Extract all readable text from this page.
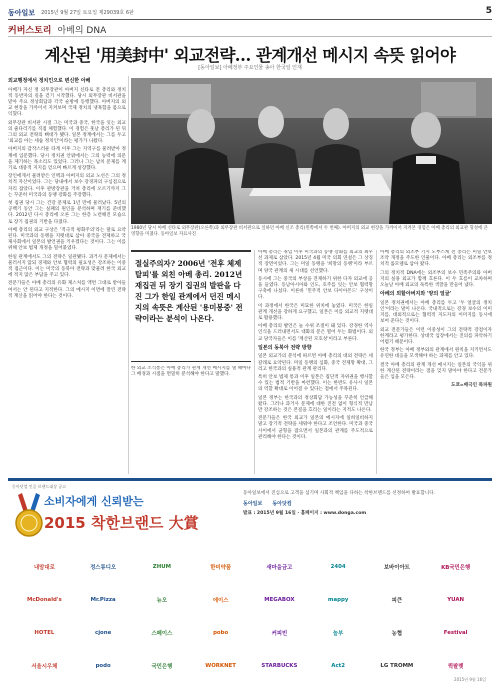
동아일보 2015년 9월 27일 토요일 제29039호 6판	5
커버스토리 아베의 DNA
계산된 '用美封中' 외교전략… 관계개선 메시지 속뜻 읽어야
[동아일보] 아베정부 주요인물 송아 한국일 인재
외교행정에서 정치인으로 변신한 아베

아베가 자신 정 외무장관이 아버지 신타로 전 총리와 정치적 동반자의 길을 걷기 시작했다. 당시 외무장관 비서관을 맡아 주요 정상회담과 각국 순방에 동행했다. 아버지의 외교 현장을 가까이서 지켜보며 국제 정치의 냉혹함을 몸으로 익혔다.

외무장관 비서관 시절 그는 미국과 중국, 한국을 잇는 외교의 줄다리기를 직접 체험했다. 이 경험은 훗날 총리가 된 뒤 그의 외교 전략의 뼈대가 됐다. 일본 정계에서는 그를 두고 '외교를 아는 세습 정치인'이라는 평가가 나왔다.

아버지의 갑작스러운 타계 이후 그는 지역구를 물려받아 정계에 입문했다. 당시 정치권 안팎에서는 그의 능력에 의문을 제기하는 목소리도 있었다. 그러나 그는 납치 문제를 계기로 대중적 지지를 얻으며 빠르게 성장했다.

장인에게서 물려받은 인맥과 아버지의 외교 노선은 그의 정치적 자산이었다. 그는 당내에서 보수 강경파의 구심점으로 자리 잡았다. 이후 관방장관을 거쳐 총리에 오르기까지 그는 꾸준히 미국과의 동맹 강화를 주장했다.

첫 집권 당시 그는 건강 문제로 1년 만에 물러났다. 5년의 공백기 동안 그는 실패의 원인을 분석하며 재기를 준비했다. 2012년 다시 총리에 오른 그는 한층 노련해진 모습으로 장기 집권의 기반을 다졌다.

아베 총리의 외교 구상은 '적극적 평화주의'라는 말로 요약된다. 미국과의 동맹을 지렛대로 삼아 중국을 견제하고 국제사회에서 일본의 발언권을 키우겠다는 것이다. 그는 이를 위해 안보 법제 개정을 밀어붙였다.

한일 관계에서도 그의 전략은 일관됐다. 과거사 문제에서는 물러서지 않되 경제와 안보 협력의 필요성은 강조하는 이중적 접근이다. 이는 미국의 동북아 전략과 맞물려 한국 외교에 적지 않은 부담을 주고 있다.

전문가들은 아베 총리의 유화 제스처를 액면 그대로 받아들여서는 안 된다고 지적한다. 그의 메시지 이면에 깔린 전략적 계산을 읽어야 한다는 것이다.

1980년 당시 아베 신타로 외무장관(오른쪽)과 외무장관 비서관으로 일하던 아베 신조 총리(왼쪽에서 두 번째). 아버지의 외교 현장을 가까이서 지켜본 경험은 아베 총리의 외교관 형성에 큰 영향을 미쳤다. 동아일보 자료사진
절실주의자? 2006년 '전후 체제 탈피'를 외친 아베 총리. 2012년 재집권 뒤 장기 집권의 발판을 다진 그가 한일 관계에서 던진 메시지의 속뜻은 계산된 '용미봉중' 전략이라는 분석이 나온다.

한 외교 소식통은 아베 총리가 관계 개선 메시지를 낼 때마다 그 배경과 시점을 면밀히 분석해야 한다고 말했다.

아베 총리는 취임 이후 미국과의 동맹 강화를 외교의 최우선 과제로 삼았다. 2015년 4월 미국 의회 연설은 그 상징적 장면이었다. 그는 미일 동맹을 '희망의 동맹'이라 부르며 양국 관계의 새 시대를 선언했다.

동시에 그는 중국의 부상을 견제하기 위한 다자 외교에 공을 들였다. 동남아시아와 인도, 호주를 잇는 안보 협력망 구축에 나섰다. 이른바 '민주적 안보 다이아몬드' 구상이다.

이 과정에서 한국은 미묘한 위치에 놓였다. 미국은 한일 관계 개선을 강하게 요구했고, 일본은 이를 외교적 지렛대로 활용했다.

아베 총리의 발언은 늘 수위 조절이 돼 있다. 강경한 역사 인식을 드러내면서도 대화의 문은 열어 두는 화법이다. 외교 당국자들은 이를 '계산된 모호성'이라고 부른다.

일본의 동북아 전략 방향

일본 외교가의 분석에 따르면 아베 총리의 대외 전략은 세 갈래로 요약된다. 미일 동맹의 심화, 중국 견제망 확대, 그리고 한국과의 실용적 관계 관리다.

특히 안보 법제 통과 이후 일본은 집단적 자위권을 행사할 수 있는 법적 기반을 마련했다. 이는 한반도 유사시 일본의 역할 확대로 이어질 수 있다는 점에서 주목된다.

일본 정부는 한국과의 정상회담 가능성을 꾸준히 언급해 왔다. 그러나 과거사 문제에 대한 진전 없이 형식적 만남만 강조하는 것은 본질을 흐리는 일이라는 지적도 나온다.

전문가들은 한국 외교가 일본의 메시지에 일희일비하지 말고 장기적 전략을 세워야 한다고 조언한다. 미국과 중국 사이에서 균형을 잡으면서 일본과의 관계를 주도적으로 관리해야 한다는 것이다.

아베 총리의 외조부 기시 노부스케 전 총리는 미일 안보조약 개정을 주도한 인물이다. 아베 총리는 외조부를 정치적 롤모델로 삼아 왔다.

그의 정치적 DNA에는 외조부의 보수 민족주의와 아버지의 실용 외교가 함께 흐른다. 이 두 흐름이 교차하며 오늘날 아베 외교의 독특한 색깔을 만들어 냈다.

아베의 외할아버지와 '양의 얼굴'

일본 정치권에서는 아베 총리를 두고 '두 얼굴의 정치인'이라는 말이 나온다. 국내적으로는 강경 보수의 이미지를, 대외적으로는 협력적 지도자의 이미지를 동시에 보여 준다는 것이다.

외교 전문가들은 이런 이중성이 그의 전략적 강점이자 한계라고 평가한다. 상대국 입장에서는 진의를 파악하기 어렵기 때문이다.

한국 정부는 아베 정부와의 관계에서 원칙을 지키면서도 유연한 대응을 모색해야 하는 과제를 안고 있다.

결국 아베 총리의 관계 개선 메시지는 일본의 국익을 위한 계산된 전략이라는 점을 잊지 말아야 한다고 전문가들은 입을 모은다.

도쿄=배극인 특파원

동아닷컴 인증 브랜드대상 공고
소비자에게 신뢰받는
2015 착한브랜드 大賞
동아일보에서 진심으로 고객을 섬기며 사회적 책임을 다하는 착한브랜드를 선정하여 발표합니다.
동아일보 동아닷컴
발표 : 2015년 9월 16일 · 홈페이지 : www.donga.com
내맘대로	정스튜디오	ZHUM	한미약품	새마을금고	2404	보바이아트	KB국민은행
McDonald's	Mr.Pizza	뉴오	에이스	MEGABOX	mappy	피큰	YUAN
HOTEL	cjone	스페이스	pobo	커피빈	놀부	농협	Festival
서울시우체	podo	국민은행	WORKNET	STARBUCKS	Act2	LG TROMM	퀵팔렛
2015년 9월 16일
